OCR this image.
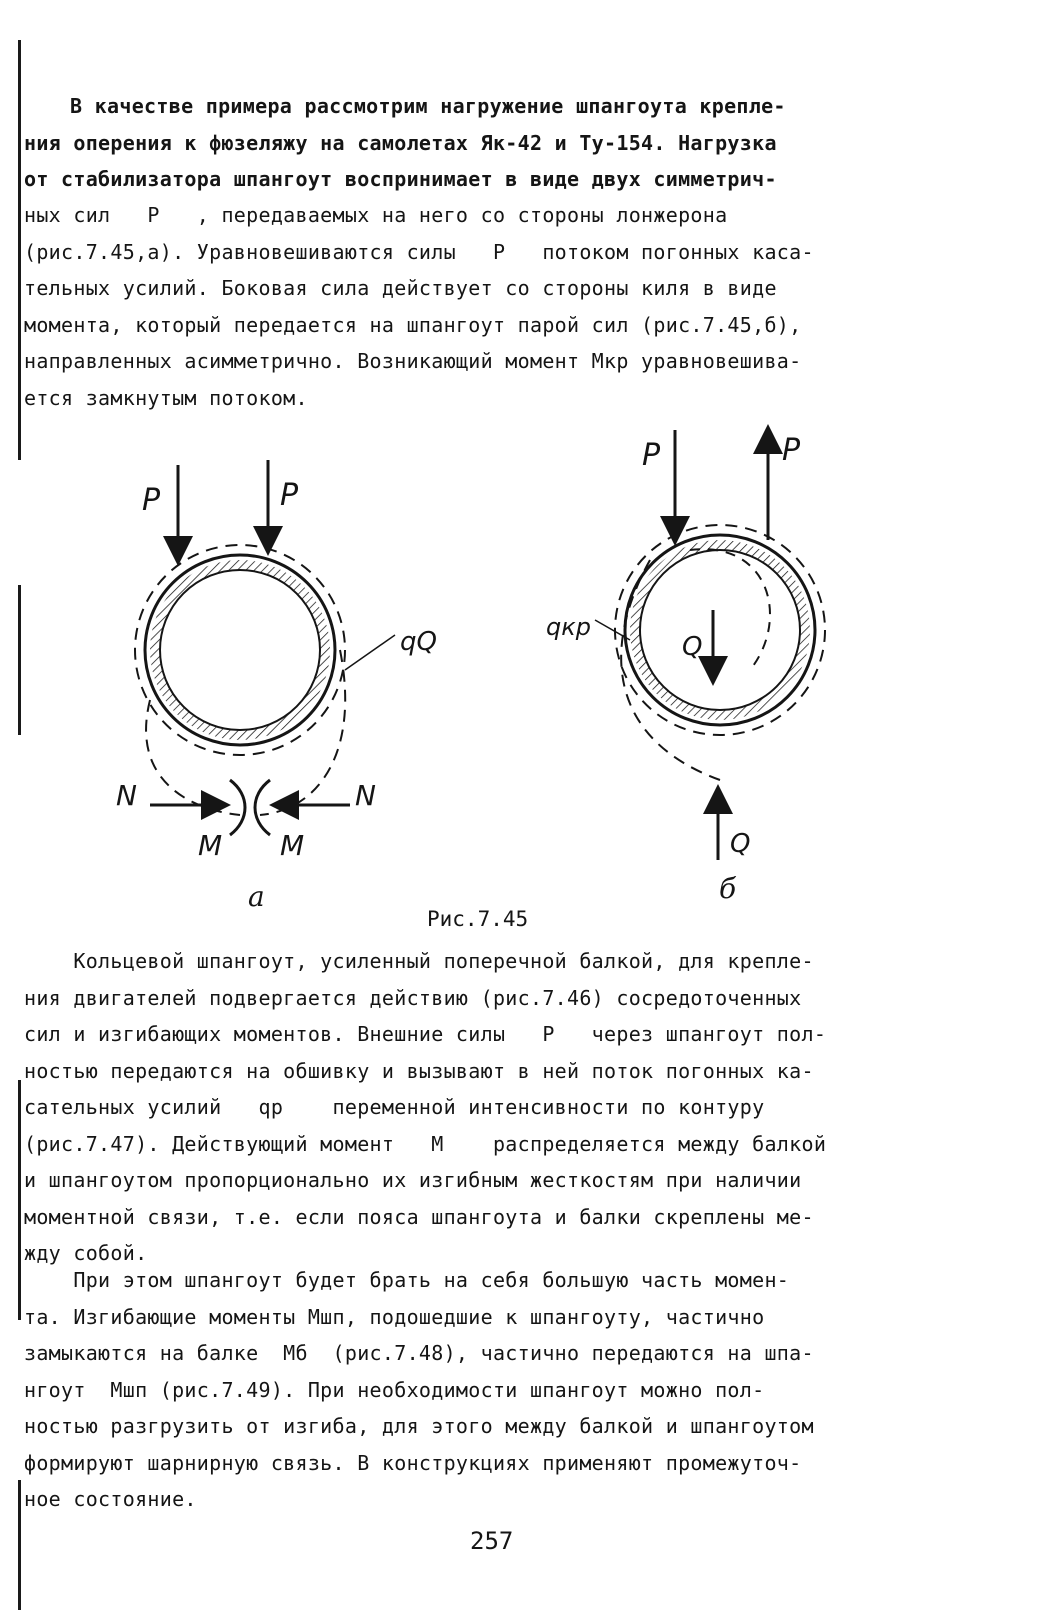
В качестве примера рассмотрим нагружение шпангоута крепле-
ния оперения к фюзеляжу на самолетах Як-42 и Ту-154. Нагрузка
от стабилизатора шпангоут воспринимает в виде двух симметрич-
ных сил   P   , передаваемых на него со стороны лонжерона
(рис.7.45,а). Уравновешиваются силы   P   потоком погонных каса-
тельных усилий. Боковая сила действует со стороны киля в виде
момента, который передается на шпангоут парой сил (рис.7.45,б),
направленных асимметрично. Возникающий момент Mкр уравновешива-
ется замкнутым потоком.
P	P
qQ
N	N
M M
P	P
qкр
Q
Q
а	б
Рис.7.45
Кольцевой шпангоут, усиленный поперечной балкой, для крепле-
ния двигателей подвергается действию (рис.7.46) сосредоточенных
сил и изгибающих моментов. Внешние силы   P   через шпангоут пол-
ностью передаются на обшивку и вызывают в ней поток погонных ка-
сательных усилий   qp    переменной интенсивности по контуру
(рис.7.47). Действующий момент   M    распределяется между балкой
и шпангоутом пропорционально их изгибным жесткостям при наличии
моментной связи, т.е. если пояса шпангоута и балки скреплены ме-
жду собой.
При этом шпангоут будет брать на себя большую часть момен-
та. Изгибающие моменты Mшп, подошедшие к шпангоуту, частично
замыкаются на балке  Mб  (рис.7.48), частично передаются на шпа-
нгоут  Mшп (рис.7.49). При необходимости шпангоут можно пол-
ностью разгрузить от изгиба, для этого между балкой и шпангоутом
формируют шарнирную связь. В конструкциях применяют промежуточ-
ное состояние.
257
